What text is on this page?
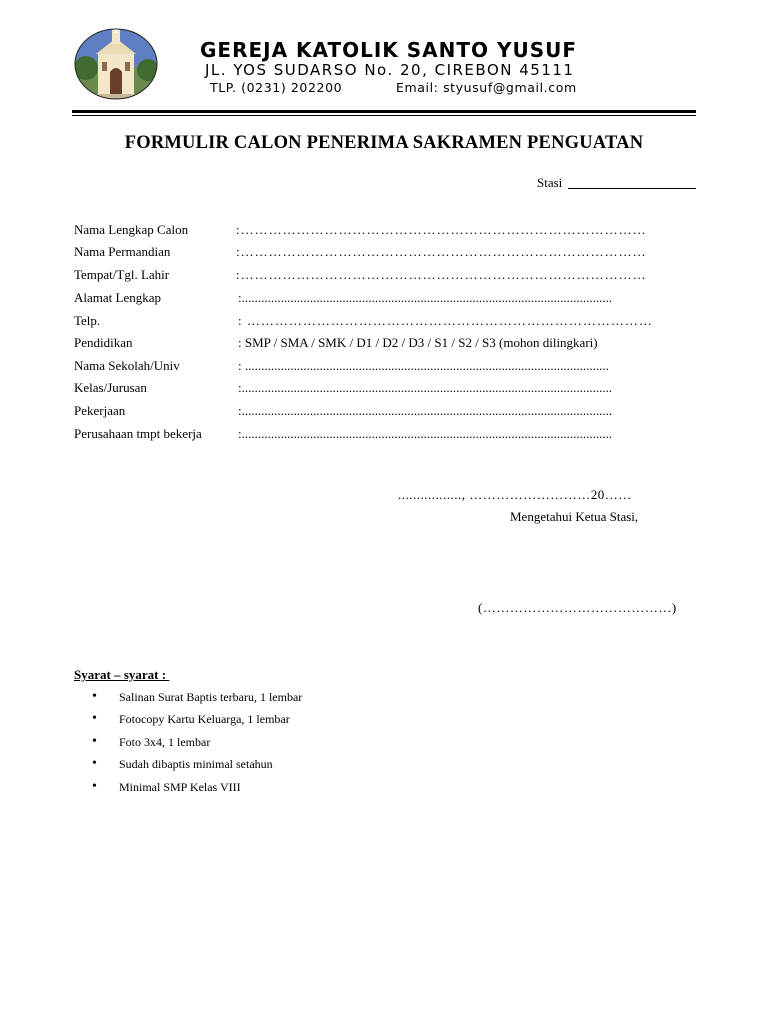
GEREJA KATOLIK SANTO YUSUF
JL. YOS SUDARSO No. 20, CIREBON 45111
TLP. (0231) 202200	Email: styusuf@gmail.com
FORMULIR CALON PENERIMA SAKRAMEN PENGUATAN
Stasi
Nama Lengkap Calon	:……………………………………………………………………………
Nama Permandian	:……………………………………………………………………………
Tempat/Tgl. Lahir	:……………………………………………………………………………
Alamat Lengkap	:..................................................................................................................
Telp.	: ……………………………………………………………………………
Pendidikan	: SMP / SMA / SMK / D1 / D2 / D3 / S1 / S2 / S3 (mohon dilingkari)
Nama Sekolah/Univ	: ................................................................................................................
Kelas/Jurusan	:..................................................................................................................
Pekerjaan	:..................................................................................................................
Perusahaan tmpt bekerja	:..................................................................................................................
................., ………………………20……
Mengetahui Ketua Stasi,
(……………………………………)
Syarat – syarat :
• Salinan Surat Baptis terbaru, 1 lembar
• Fotocopy Kartu Keluarga, 1 lembar
• Foto 3x4, 1 lembar
• Sudah dibaptis minimal setahun
• Minimal SMP Kelas VIII
